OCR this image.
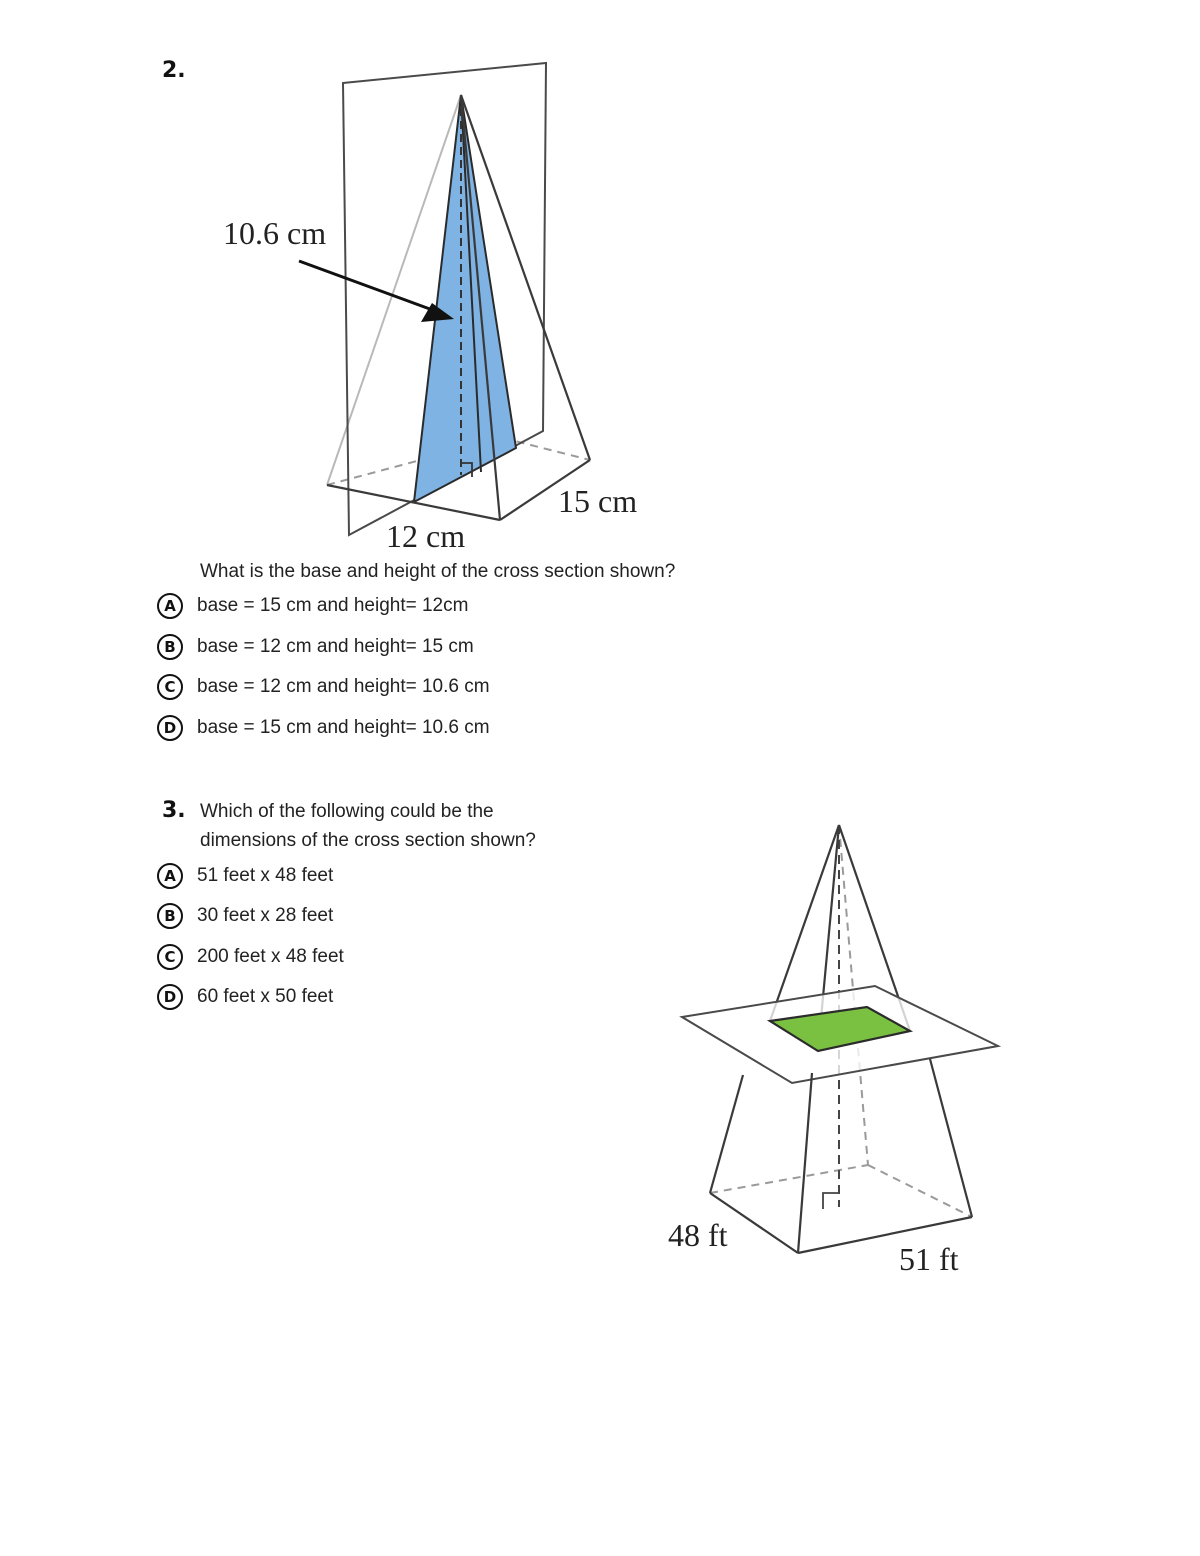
2.
10.6 cm
12 cm
15 cm
What is the base and height of the cross section shown?
A	base = 15 cm and height= 12cm
B	base = 12 cm and height= 15 cm
C	base = 12 cm and height= 10.6 cm
D	base = 15 cm and height= 10.6 cm
3. Which of the following could be the
dimensions of the cross section shown?
A	51 feet x 48 feet
B	30 feet x 28 feet
C	200 feet x 48 feet
D	60 feet x 50 feet
48 ft
51 ft
